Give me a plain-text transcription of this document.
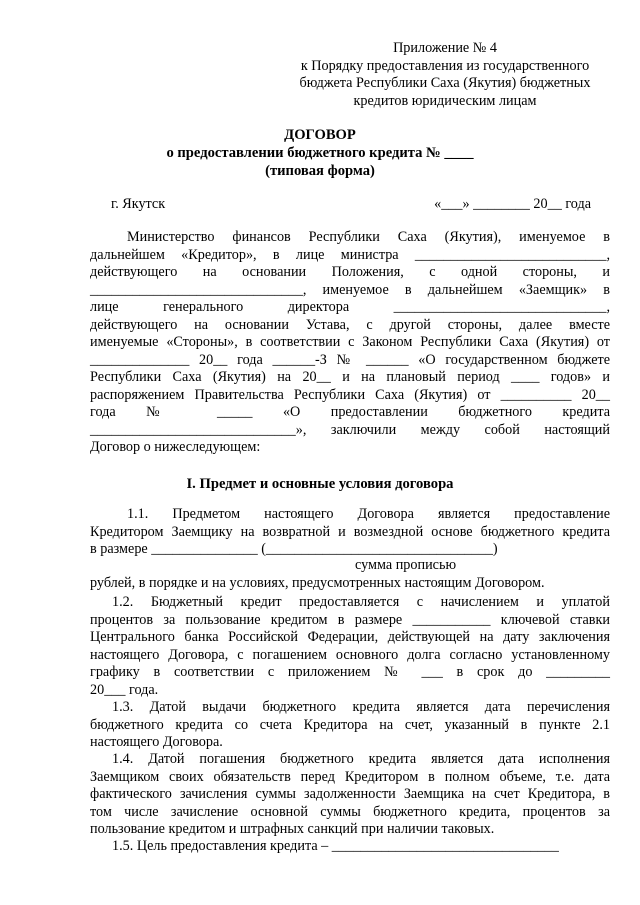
Приложение № 4
к Порядку предоставления из государственного
бюджета Республики Саха (Якутия) бюджетных
кредитов юридическим лицам
ДОГОВОР
о предоставлении бюджетного кредита № ____
(типовая форма)
г. Якутск	«___» ________ 20__ года

Министерство финансов Республики Саха (Якутия), именуемое в

дальнейшем «Кредитор», в лице министра ___________________________,

действующего на основании Положения, с одной стороны, и

______________________________, именуемое в дальнейшем «Заемщик» в

лице генерального директора ______________________________,

действующего на основании Устава, с другой стороны, далее вместе

именуемые «Стороны», в соответствии с Законом Республики Саха (Якутия) от

______________ 20__ года ______-З № ______ «О государственном бюджете

Республики Саха (Якутия) на 20__ и на плановый период ____ годов» и

распоряжением Правительства Республики Саха (Якутия) от __________ 20__

года № _____ «О предоставлении бюджетного кредита

_____________________________», заключили между собой настоящий

Договор о нижеследующем:

I. Предмет и основные условия договора

1.1. Предметом настоящего Договора является предоставление

Кредитором Заемщику на возвратной и возмездной основе бюджетного кредита

в размере _______________ (________________________________)

сумма прописью

рублей, в порядке и на условиях, предусмотренных настоящим Договором.

1.2. Бюджетный кредит предоставляется с начислением и уплатой

процентов за пользование кредитом в размере ___________ ключевой ставки

Центрального банка Российской Федерации, действующей на дату заключения

настоящего Договора, с погашением основного долга согласно установленному

графику в соответствии с приложением № ___ в срок до _________

20___ года.

1.3. Датой выдачи бюджетного кредита является дата перечисления

бюджетного кредита со счета Кредитора на счет, указанный в пункте 2.1

настоящего Договора.

1.4. Датой погашения бюджетного кредита является дата исполнения

Заемщиком своих обязательств перед Кредитором в полном объеме, т.е. дата

фактического зачисления суммы задолженности Заемщика на счет Кредитора, в

том числе зачисление основной суммы бюджетного кредита, процентов за

пользование кредитом и штрафных санкций при наличии таковых.

1.5. Цель предоставления кредита – ________________________________
